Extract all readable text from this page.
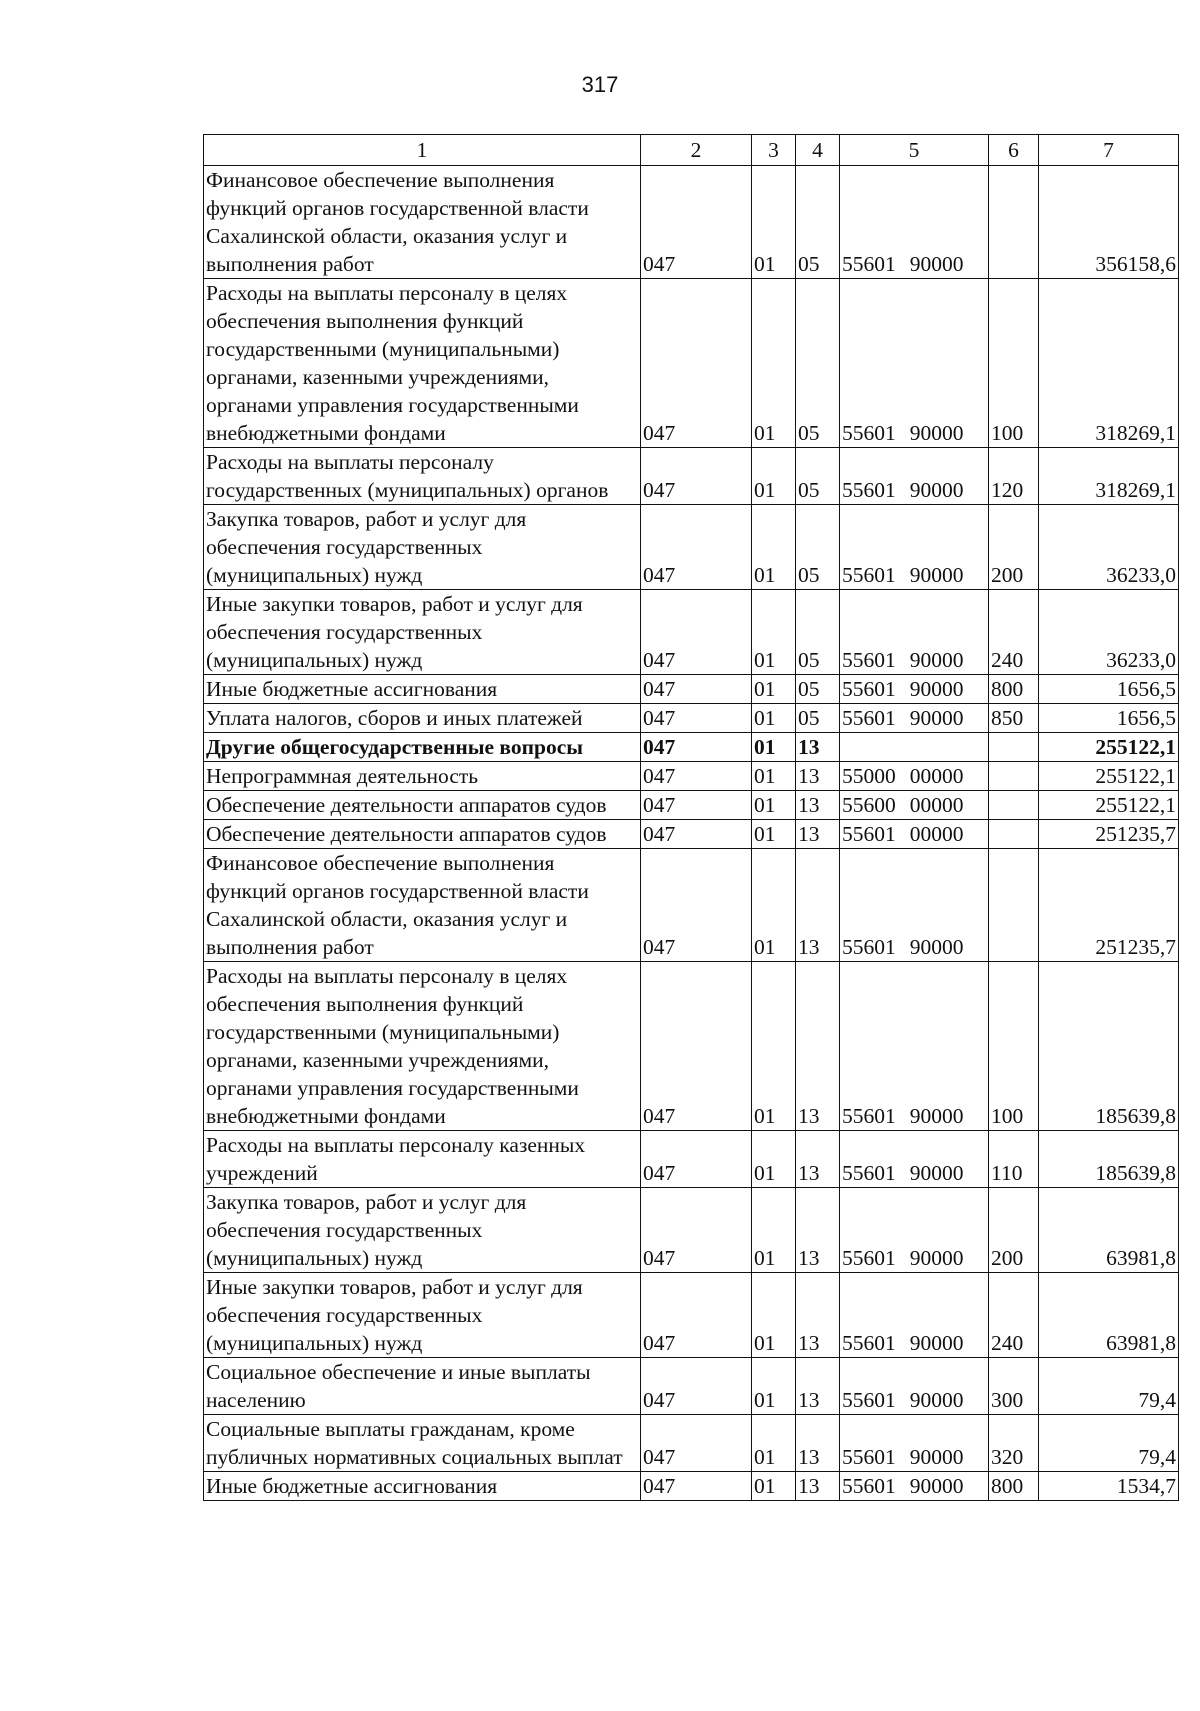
317
1	2	3	4	5	6	7
Финансовое обеспечение выполнения функций органов государственной власти Сахалинской области, оказания услуг и выполнения работ	047	01	05	55601 90000		356158,6
Расходы на выплаты персоналу в целях обеспечения выполнения функций государственными (муниципальными) органами, казенными учреждениями, органами управления государственными внебюджетными фондами	047	01	05	55601 90000	100	318269,1
Расходы на выплаты персоналу государственных (муниципальных) органов	047	01	05	55601 90000	120	318269,1
Закупка товаров, работ и услуг для обеспечения государственных (муниципальных) нужд	047	01	05	55601 90000	200	36233,0
Иные закупки товаров, работ и услуг для обеспечения государственных (муниципальных) нужд	047	01	05	55601 90000	240	36233,0
Иные бюджетные ассигнования	047	01	05	55601 90000	800	1656,5
Уплата налогов, сборов и иных платежей	047	01	05	55601 90000	850	1656,5
Другие общегосударственные вопросы	047	01	13			255122,1
Непрограммная деятельность	047	01	13	55000 00000		255122,1
Обеспечение деятельности аппаратов судов	047	01	13	55600 00000		255122,1
Обеспечение деятельности аппаратов судов	047	01	13	55601 00000		251235,7
Финансовое обеспечение выполнения функций органов государственной власти Сахалинской области, оказания услуг и выполнения работ	047	01	13	55601 90000		251235,7
Расходы на выплаты персоналу в целях обеспечения выполнения функций государственными (муниципальными) органами, казенными учреждениями, органами управления государственными внебюджетными фондами	047	01	13	55601 90000	100	185639,8
Расходы на выплаты персоналу казенных учреждений	047	01	13	55601 90000	110	185639,8
Закупка товаров, работ и услуг для обеспечения государственных (муниципальных) нужд	047	01	13	55601 90000	200	63981,8
Иные закупки товаров, работ и услуг для обеспечения государственных (муниципальных) нужд	047	01	13	55601 90000	240	63981,8
Социальное обеспечение и иные выплаты населению	047	01	13	55601 90000	300	79,4
Социальные выплаты гражданам, кроме публичных нормативных социальных выплат	047	01	13	55601 90000	320	79,4
Иные бюджетные ассигнования	047	01	13	55601 90000	800	1534,7
